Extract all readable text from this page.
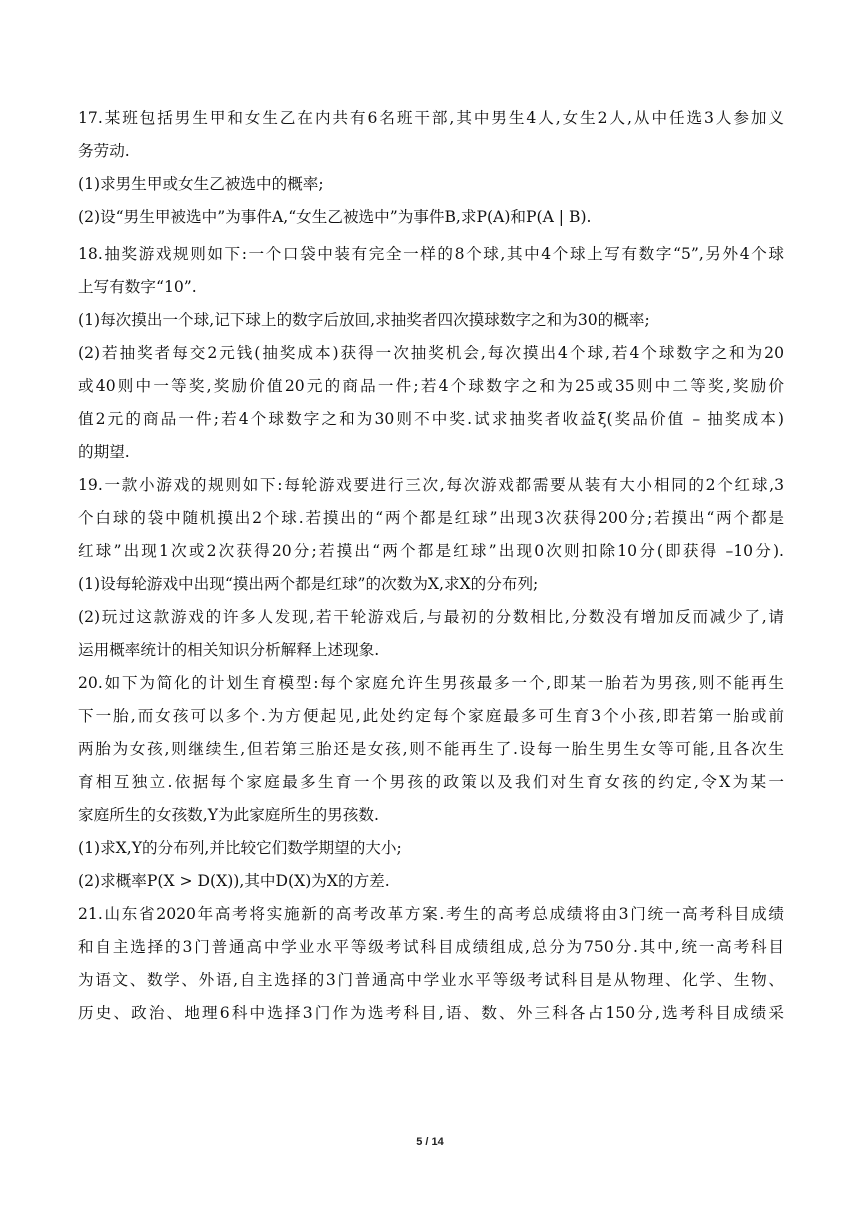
17.某班包括男生甲和女生乙在内共有6名班干部,其中男生4人,女生2人,从中任选3人参加义
务劳动.
(1)求男生甲或女生乙被选中的概率;
(2)设“男生甲被选中”为事件A,“女生乙被选中”为事件B,求P(A)和P(A | B).
18.抽奖游戏规则如下:一个口袋中装有完全一样的8个球,其中4个球上写有数字“5”,另外4个球
上写有数字“10”.
(1)每次摸出一个球,记下球上的数字后放回,求抽奖者四次摸球数字之和为30的概率;
(2)若抽奖者每交2元钱(抽奖成本)获得一次抽奖机会,每次摸出4个球,若4个球数字之和为20
或40则中一等奖,奖励价值20元的商品一件;若4个球数字之和为25或35则中二等奖,奖励价
值2元的商品一件;若4个球数字之和为30则不中奖.试求抽奖者收益ξ(奖品价值 – 抽奖成本)
的期望.
19.一款小游戏的规则如下:每轮游戏要进行三次,每次游戏都需要从装有大小相同的2个红球,3
个白球的袋中随机摸出2个球.若摸出的“两个都是红球”出现3次获得200分;若摸出“两个都是
红球”出现1次或2次获得20分;若摸出“两个都是红球”出现0次则扣除10分(即获得 –10分).
(1)设每轮游戏中出现“摸出两个都是红球”的次数为X,求X的分布列;
(2)玩过这款游戏的许多人发现,若干轮游戏后,与最初的分数相比,分数没有增加反而减少了,请
运用概率统计的相关知识分析解释上述现象.
20.如下为简化的计划生育模型:每个家庭允许生男孩最多一个,即某一胎若为男孩,则不能再生
下一胎,而女孩可以多个.为方便起见,此处约定每个家庭最多可生育3个小孩,即若第一胎或前
两胎为女孩,则继续生,但若第三胎还是女孩,则不能再生了.设每一胎生男生女等可能,且各次生
育相互独立.依据每个家庭最多生育一个男孩的政策以及我们对生育女孩的约定,令X为某一
家庭所生的女孩数,Y为此家庭所生的男孩数.
(1)求X,Y的分布列,并比较它们数学期望的大小;
(2)求概率P(X > D(X)),其中D(X)为X的方差.
21.山东省2020年高考将实施新的高考改革方案.考生的高考总成绩将由3门统一高考科目成绩
和自主选择的3门普通高中学业水平等级考试科目成绩组成,总分为750分.其中,统一高考科目
为语文、数学、外语,自主选择的3门普通高中学业水平等级考试科目是从物理、化学、生物、
历史、政治、地理6科中选择3门作为选考科目,语、数、外三科各占150分,选考科目成绩采
5 / 14
